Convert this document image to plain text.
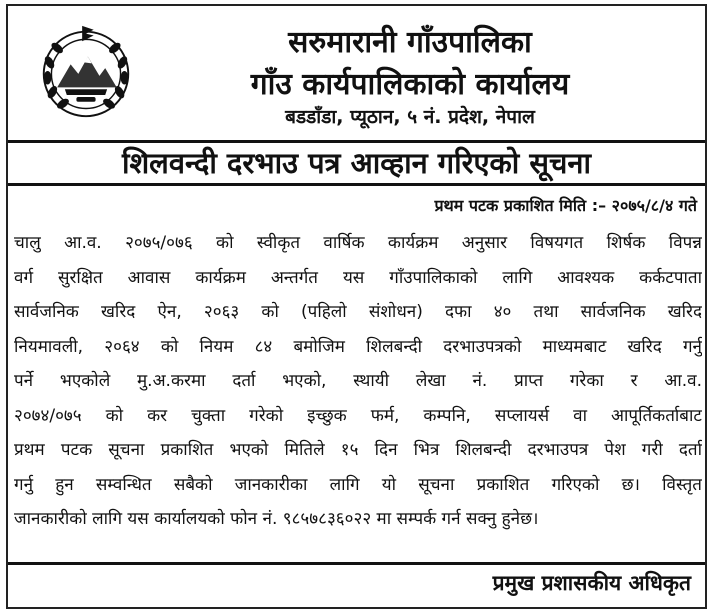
सरुमारानी गाँउपालिका
गाँउ कार्यपालिकाको कार्यालय
बडडाँडा, प्यूठान, ५ नं. प्रदेश, नेपाल
शिलवन्दी दरभाउ पत्र आव्हान गरिएको सूचना
प्रथम पटक प्रकाशित मिति :– २०७५/८/४ गते
चालु आ.व. २०७५/०७६ को स्वीकृत वार्षिक कार्यक्रम अनुसार विषयगत शिर्षक विपन्न
वर्ग सुरक्षित आवास कार्यक्रम अन्तर्गत यस गाँउपालिकाको लागि आवश्यक कर्कटपाता
सार्वजनिक खरिद ऐन, २०६३ को (पहिलो संशोधन) दफा ४० तथा सार्वजनिक खरिद
नियमावली, २०६४ को नियम ८४ बमोजिम शिलबन्दी दरभाउपत्रको माध्यमबाट खरिद गर्नु
पर्ने भएकोले मु.अ.करमा दर्ता भएको, स्थायी लेखा नं. प्राप्त गरेका र आ.व.
२०७४/०७५ को कर चुक्ता गरेको इच्छुक फर्म, कम्पनि, सप्लायर्स वा आपूर्तिकर्ताबाट
प्रथम पटक सूचना प्रकाशित भएको मितिले १५ दिन भित्र शिलबन्दी दरभाउपत्र पेश गरी दर्ता
गर्नु हुन सम्वन्धित सबैको जानकारीका लागि यो सूचना प्रकाशित गरिएको छ। विस्तृत
जानकारीको लागि यस कार्यालयको फोन नं. ९८५७८३६०२२ मा सम्पर्क गर्न सक्नु हुनेछ।
प्रमुख प्रशासकीय अधिकृत
